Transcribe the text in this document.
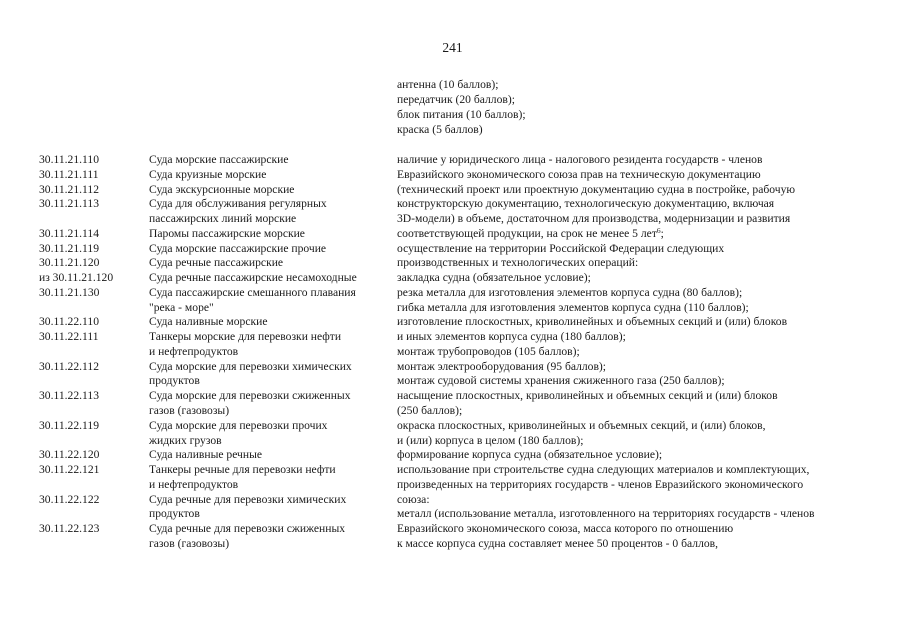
241
антенна (10 баллов);
передатчик (20 баллов);
блок питания (10 баллов);
краска (5 баллов)
30.11.21.110
30.11.21.111
30.11.21.112
30.11.21.113
30.11.21.114
30.11.21.119
30.11.21.120
из 30.11.21.120
30.11.21.130
30.11.22.110
30.11.22.111
30.11.22.112
30.11.22.113
30.11.22.119
30.11.22.120
30.11.22.121
30.11.22.122
30.11.22.123
Суда морские пассажирские
Суда круизные морские
Суда экскурсионные морские
Суда для обслуживания регулярных
пассажирских линий морские
Паромы пассажирские морские
Суда морские пассажирские прочие
Суда речные пассажирские
Суда речные пассажирские несамоходные
Суда пассажирские смешанного плавания
"река - море"
Суда наливные морские
Танкеры морские для перевозки нефти
и нефтепродуктов
Суда морские для перевозки химических
продуктов
Суда морские для перевозки сжиженных
газов (газовозы)
Суда морские для перевозки прочих
жидких грузов
Суда наливные речные
Танкеры речные для перевозки нефти
и нефтепродуктов
Суда речные для перевозки химических
продуктов
Суда речные для перевозки сжиженных
газов (газовозы)
наличие у юридического лица - налогового резидента государств - членов
Евразийского экономического союза прав на техническую документацию
(технический проект или проектную документацию судна в постройке, рабочую
конструкторскую документацию, технологическую документацию, включая
3D-модели) в объеме, достаточном для производства, модернизации и развития
соответствующей продукции, на срок не менее 5 лет$^6$;
осуществление на территории Российской Федерации следующих
производственных и технологических операций:
закладка судна (обязательное условие);
резка металла для изготовления элементов корпуса судна (80 баллов);
гибка металла для изготовления элементов корпуса судна (110 баллов);
изготовление плоскостных, криволинейных и объемных секций и (или) блоков
и иных элементов корпуса судна (180 баллов);
монтаж трубопроводов (105 баллов);
монтаж электрооборудования (95 баллов);
монтаж судовой системы хранения сжиженного газа (250 баллов);
насыщение плоскостных, криволинейных и объемных секций и (или) блоков
(250 баллов);
окраска плоскостных, криволинейных и объемных секций, и (или) блоков,
и (или) корпуса в целом (180 баллов);
формирование корпуса судна (обязательное условие);
использование при строительстве судна следующих материалов и комплектующих,
произведенных на территориях государств - членов Евразийского экономического
союза:
металл (использование металла, изготовленного на территориях государств - членов
Евразийского экономического союза, масса которого по отношению
к массе корпуса судна составляет менее 50 процентов - 0 баллов,
